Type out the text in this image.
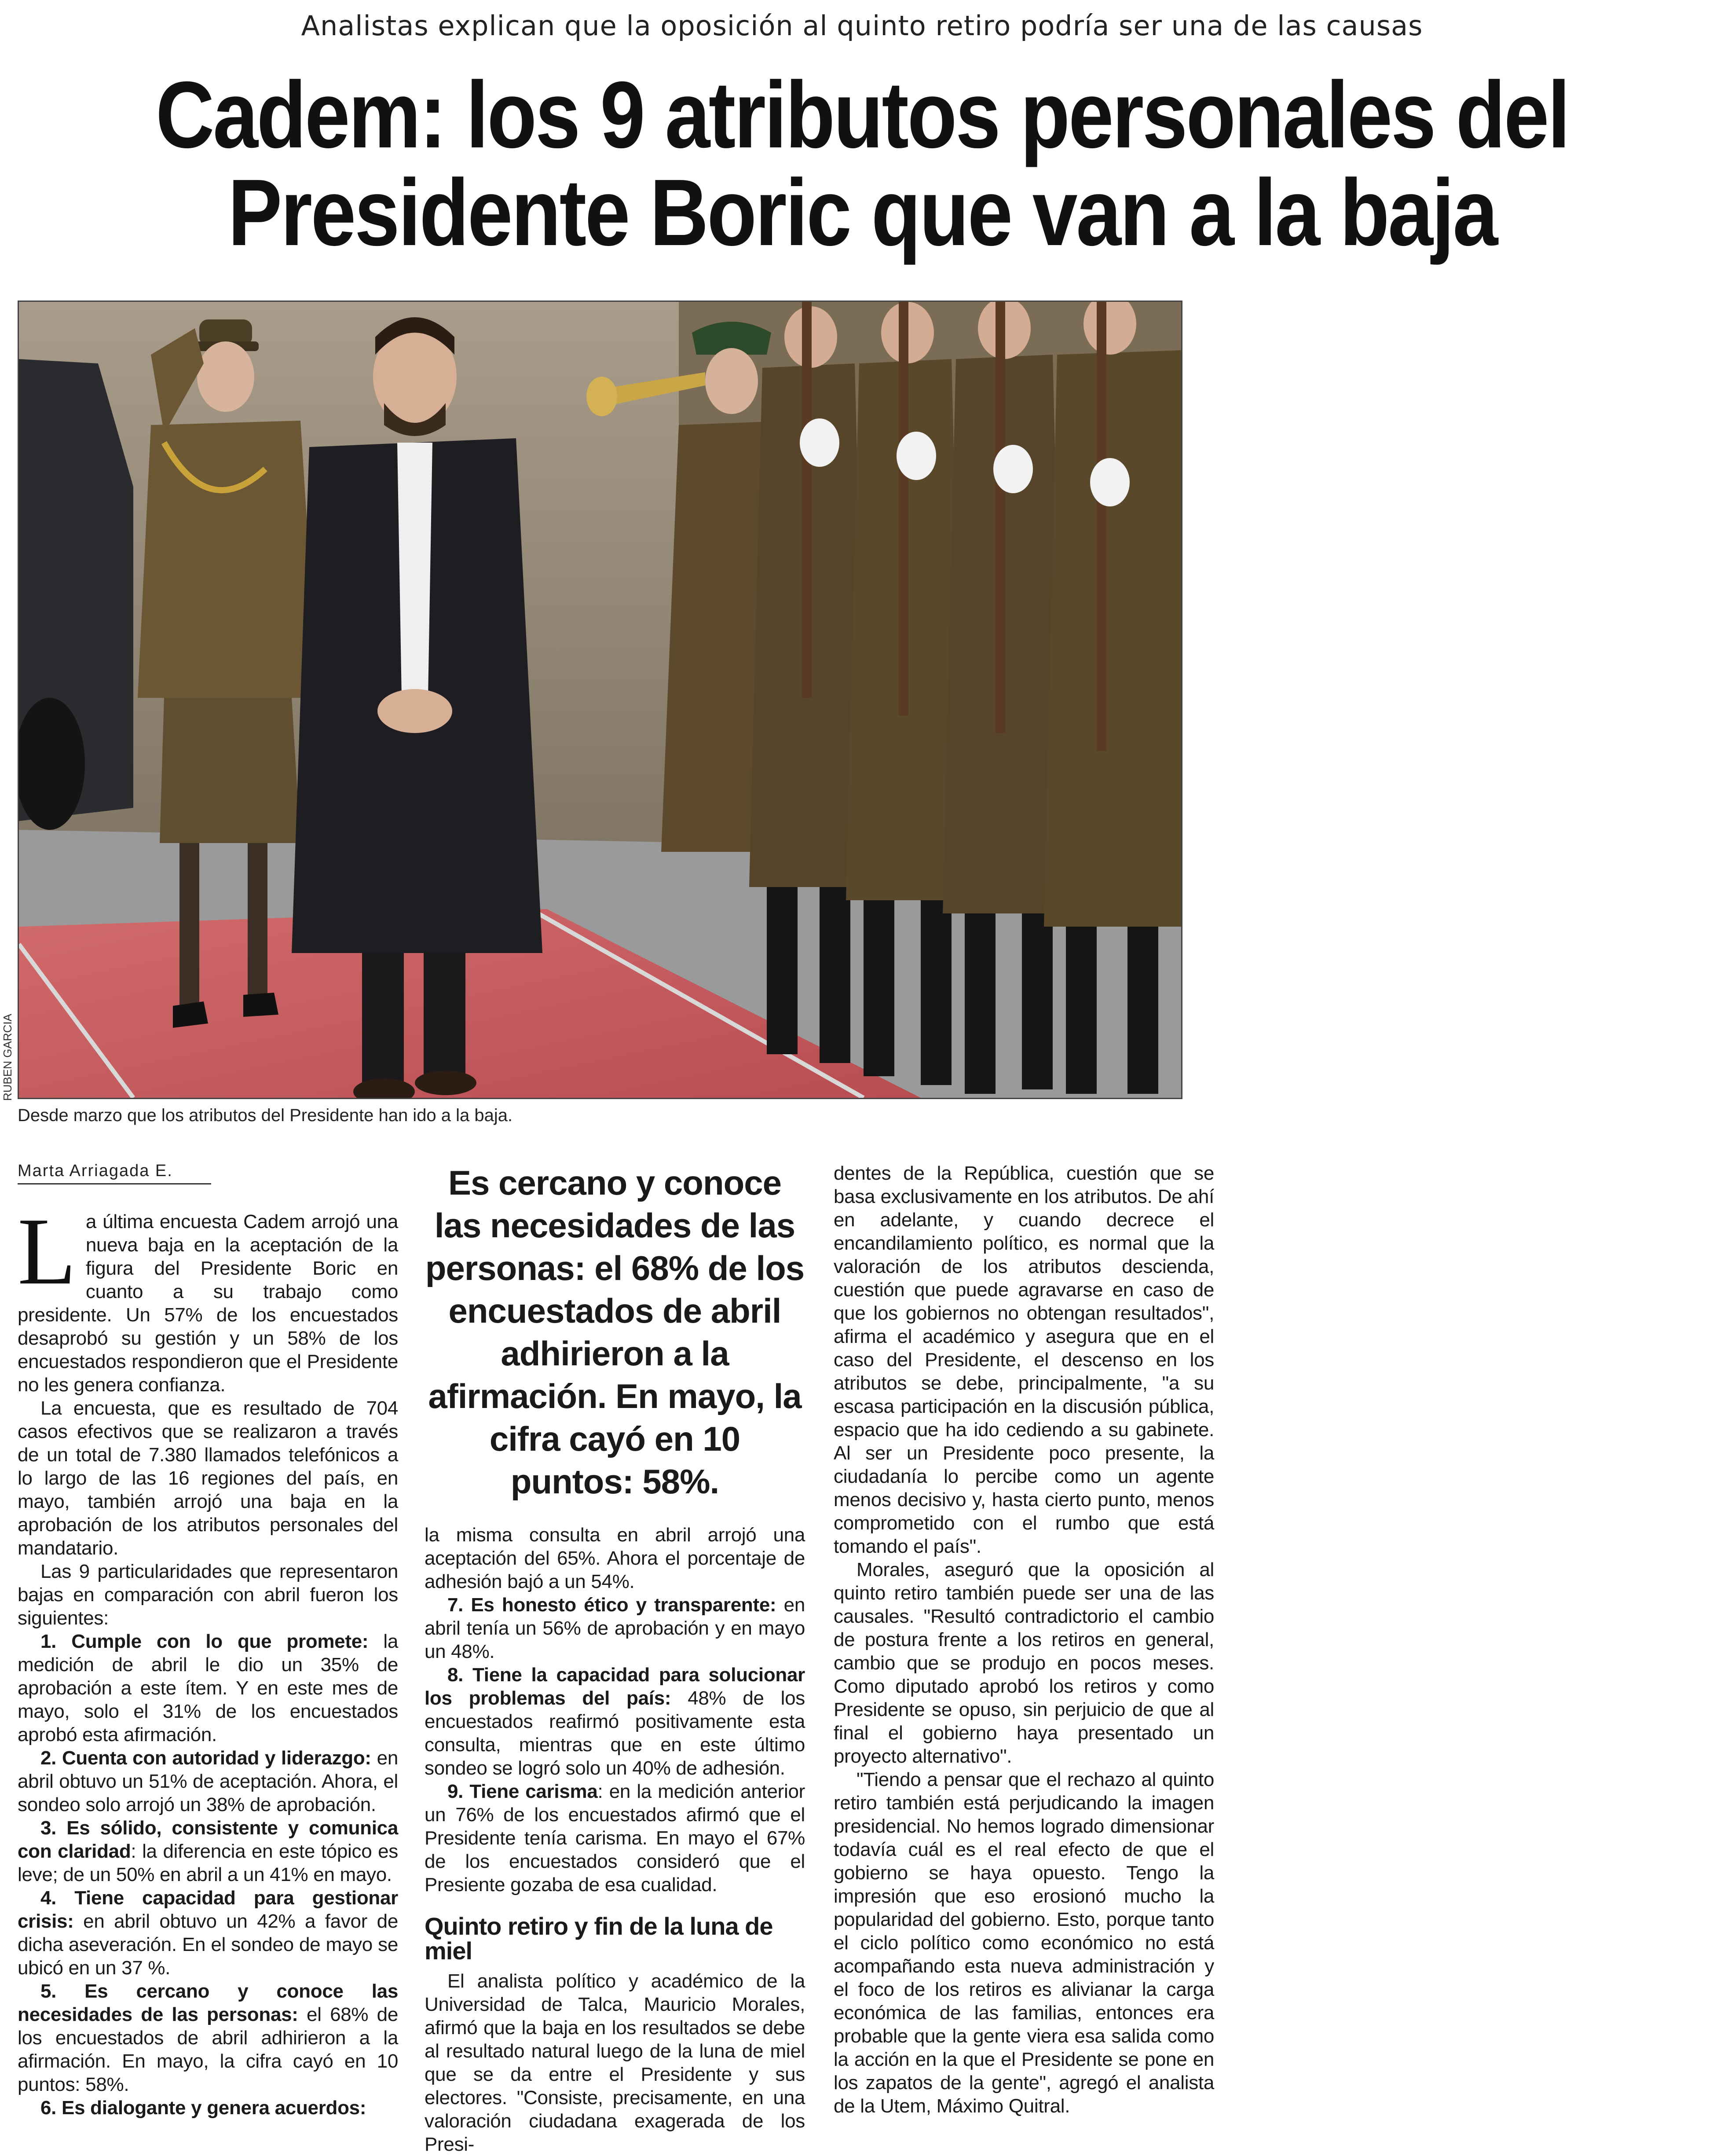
Analistas explican que la oposición al quinto retiro podría ser una de las causas
Cadem: los 9 atributos personales del
Presidente Boric que van a la baja
RUBEN GARCIA
Desde marzo que los atributos del Presidente han ido a la baja.
Marta Arriagada E.

La última encuesta Cadem arrojó una nueva baja en la aceptación de la figura del Presidente Boric en cuanto a su trabajo como presidente. Un 57% de los encuestados desaprobó su gestión y un 58% de los encuestados respondieron que el Presidente no les genera confianza.

La encuesta, que es resultado de 704 casos efectivos que se realizaron a través de un total de 7.380 llamados telefónicos a lo largo de las 16 regiones del país, en mayo, también arrojó una baja en la aprobación de los atributos personales del mandatario.

Las 9 particularidades que representaron bajas en comparación con abril fueron los siguientes:

1. Cumple con lo que promete: la medición de abril le dio un 35% de aprobación a este ítem. Y en este mes de mayo, solo el 31% de los encuestados aprobó esta afirmación.

2. Cuenta con autoridad y liderazgo: en abril obtuvo un 51% de aceptación. Ahora, el sondeo solo arrojó un 38% de aprobación.

3. Es sólido, consistente y comunica con claridad: la diferencia en este tópico es leve; de un 50% en abril a un 41% en mayo.

4. Tiene capacidad para gestionar crisis: en abril obtuvo un 42% a favor de dicha aseveración. En el sondeo de mayo se ubicó en un 37 %.

5. Es cercano y conoce las necesidades de las personas: el 68% de los encuestados de abril adhirieron a la afirmación. En mayo, la cifra cayó en 10 puntos: 58%.

6. Es dialogante y genera acuerdos:

Es cercano y conoce las necesidades de las personas: el 68% de los encuestados de abril adhirieron a la afirmación. En mayo, la cifra cayó en 10 puntos: 58%.

la misma consulta en abril arrojó una aceptación del 65%. Ahora el porcentaje de adhesión bajó a un 54%.

7. Es honesto ético y transparente: en abril tenía un 56% de aprobación y en mayo un 48%.

8. Tiene la capacidad para solucionar los problemas del país: 48% de los encuestados reafirmó positivamente esta consulta, mientras que en este último sondeo se logró solo un 40% de adhesión.

9. Tiene carisma: en la medición anterior un 76% de los encuestados afirmó que el Presidente tenía carisma. En mayo el 67% de los encuestados consideró que el Presiente gozaba de esa cualidad.

Quinto retiro y fin de la luna de miel

El analista político y académico de la Universidad de Talca, Mauricio Morales, afirmó que la baja en los resultados se debe al resultado natural luego de la luna de miel que se da entre el Presidente y sus electores. "Consiste, precisamente, en una valoración ciudadana exagerada de los Presi-

dentes de la República, cuestión que se basa exclusivamente en los atributos. De ahí en adelante, y cuando decrece el encandilamiento político, es normal que la valoración de los atributos descienda, cuestión que puede agravarse en caso de que los gobiernos no obtengan resultados", afirma el académico y asegura que en el caso del Presidente, el descenso en los atributos se debe, principalmente, "a su escasa participación en la discusión pública, espacio que ha ido cediendo a su gabinete. Al ser un Presidente poco presente, la ciudadanía lo percibe como un agente menos decisivo y, hasta cierto punto, menos comprometido con el rumbo que está tomando el país".

Morales, aseguró que la oposición al quinto retiro también puede ser una de las causales. "Resultó contradictorio el cambio de postura frente a los retiros en general, cambio que se produjo en pocos meses. Como diputado aprobó los retiros y como Presidente se opuso, sin perjuicio de que al final el gobierno haya presentado un proyecto alternativo".

"Tiendo a pensar que el rechazo al quinto retiro también está perjudicando la imagen presidencial. No hemos logrado dimensionar todavía cuál es el real efecto de que el gobierno se haya opuesto. Tengo la impresión que eso erosionó mucho la popularidad del gobierno. Esto, porque tanto el ciclo político como económico no está acompañando esta nueva administración y el foco de los retiros es alivianar la carga económica de las familias, entonces era probable que la gente viera esa salida como la acción en la que el Presidente se pone en los zapatos de la gente", agregó el analista de la Utem, Máximo Quitral.
